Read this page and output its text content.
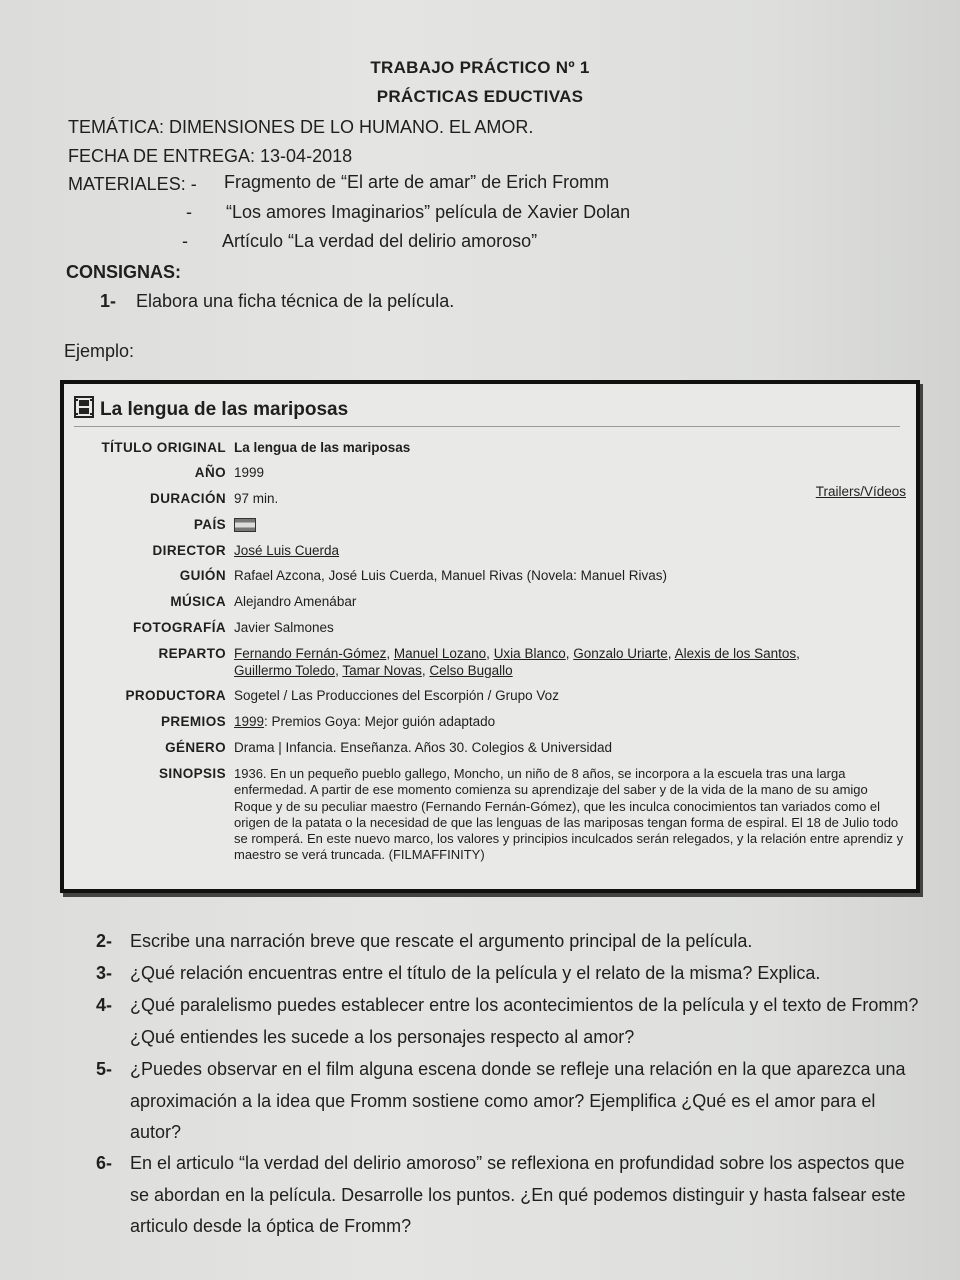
TRABAJO PRÁCTICO Nº 1
PRÁCTICAS EDUCTIVAS
TEMÁTICA: DIMENSIONES DE LO HUMANO. EL AMOR.
FECHA DE ENTREGA: 13-04-2018
MATERIALES: - Fragmento de “El arte de amar” de Erich Fromm
- “Los amores Imaginarios” película de Xavier Dolan
- Artículo “La verdad del delirio amoroso”
CONSIGNAS:
1- Elabora una ficha técnica de la película.
Ejemplo:
La lengua de las mariposas
Trailers/Vídeos
TÍTULO ORIGINAL La lengua de las mariposas
AÑO 1999
DURACIÓN 97 min.
PAÍS
DIRECTOR José Luis Cuerda
GUIÓN Rafael Azcona, José Luis Cuerda, Manuel Rivas (Novela: Manuel Rivas)
MÚSICA Alejandro Amenábar
FOTOGRAFÍA Javier Salmones
REPARTO Fernando Fernán-Gómez, Manuel Lozano, Uxia Blanco, Gonzalo Uriarte, Alexis de los Santos,
Guillermo Toledo, Tamar Novas, Celso Bugallo
PRODUCTORA Sogetel / Las Producciones del Escorpión / Grupo Voz
PREMIOS 1999: Premios Goya: Mejor guión adaptado
GÉNERO Drama | Infancia. Enseñanza. Años 30. Colegios & Universidad
SINOPSIS 1936. En un pequeño pueblo gallego, Moncho, un niño de 8 años, se incorpora a la escuela tras una larga enfermedad. A partir de ese momento comienza su aprendizaje del saber y de la vida de la mano de su amigo Roque y de su peculiar maestro (Fernando Fernán-Gómez), que les inculca conocimientos tan variados como el origen de la patata o la necesidad de que las lenguas de las mariposas tengan forma de espiral. El 18 de Julio todo se romperá. En este nuevo marco, los valores y principios inculcados serán relegados, y la relación entre aprendiz y maestro se verá truncada. (FILMAFFINITY)
2- Escribe una narración breve que rescate el argumento principal de la película.
3- ¿Qué relación encuentras entre el título de la película y el relato de la misma? Explica.
4- ¿Qué paralelismo puedes establecer entre los acontecimientos de la película y el texto de Fromm? ¿Qué entiendes les sucede a los personajes respecto al amor?
5- ¿Puedes observar en el film alguna escena donde se refleje una relación en la que aparezca una aproximación a la idea que Fromm sostiene como amor? Ejemplifica ¿Qué es el amor para el autor?
6- En el articulo “la verdad del delirio amoroso” se reflexiona en profundidad sobre los aspectos que se abordan en la película. Desarrolle los puntos. ¿En qué podemos distinguir y hasta falsear este articulo desde la óptica de Fromm?
